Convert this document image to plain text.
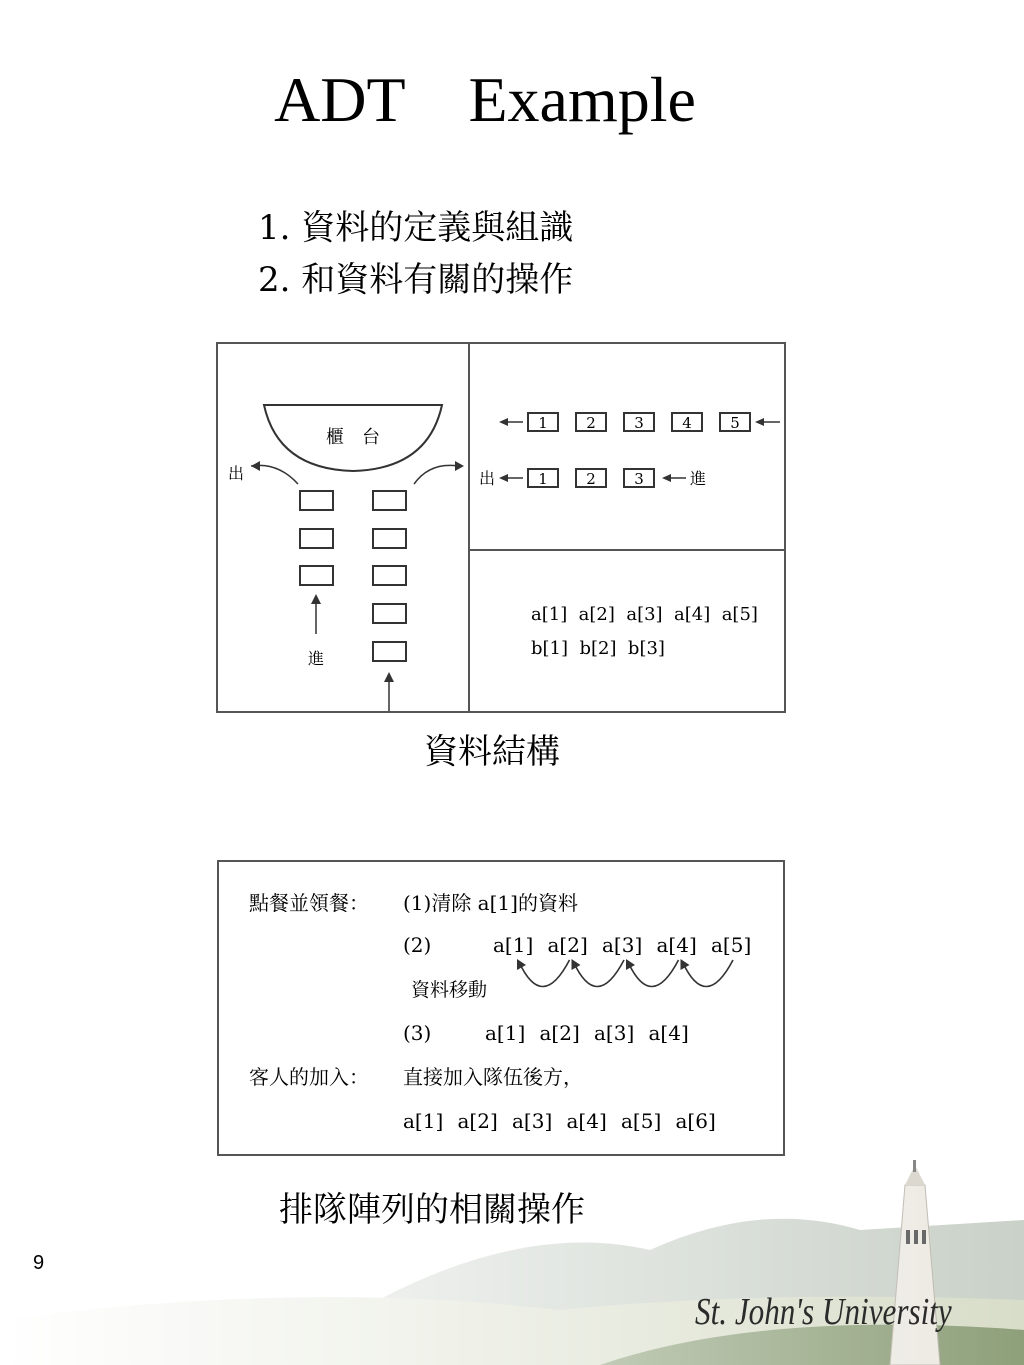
ADT    Example
1. 資料的定義與組識
2. 和資料有關的操作
櫃　台
出
進
1	2	3	4	5
出	進
1	2	3
a[1]  a[2]  a[3]  a[4]  a[5]
b[1]  b[2]  b[3]
資料結構
點餐並領餐： (1)清除 a[1]的資料
(2)	a[1] a[2] a[3] a[4] a[5]
資料移動
(3)	a[1] a[2] a[3] a[4]
客人的加入： 直接加入隊伍後方，
a[1] a[2] a[3] a[4] a[5] a[6]
排隊陣列的相關操作
9
St. John's University
